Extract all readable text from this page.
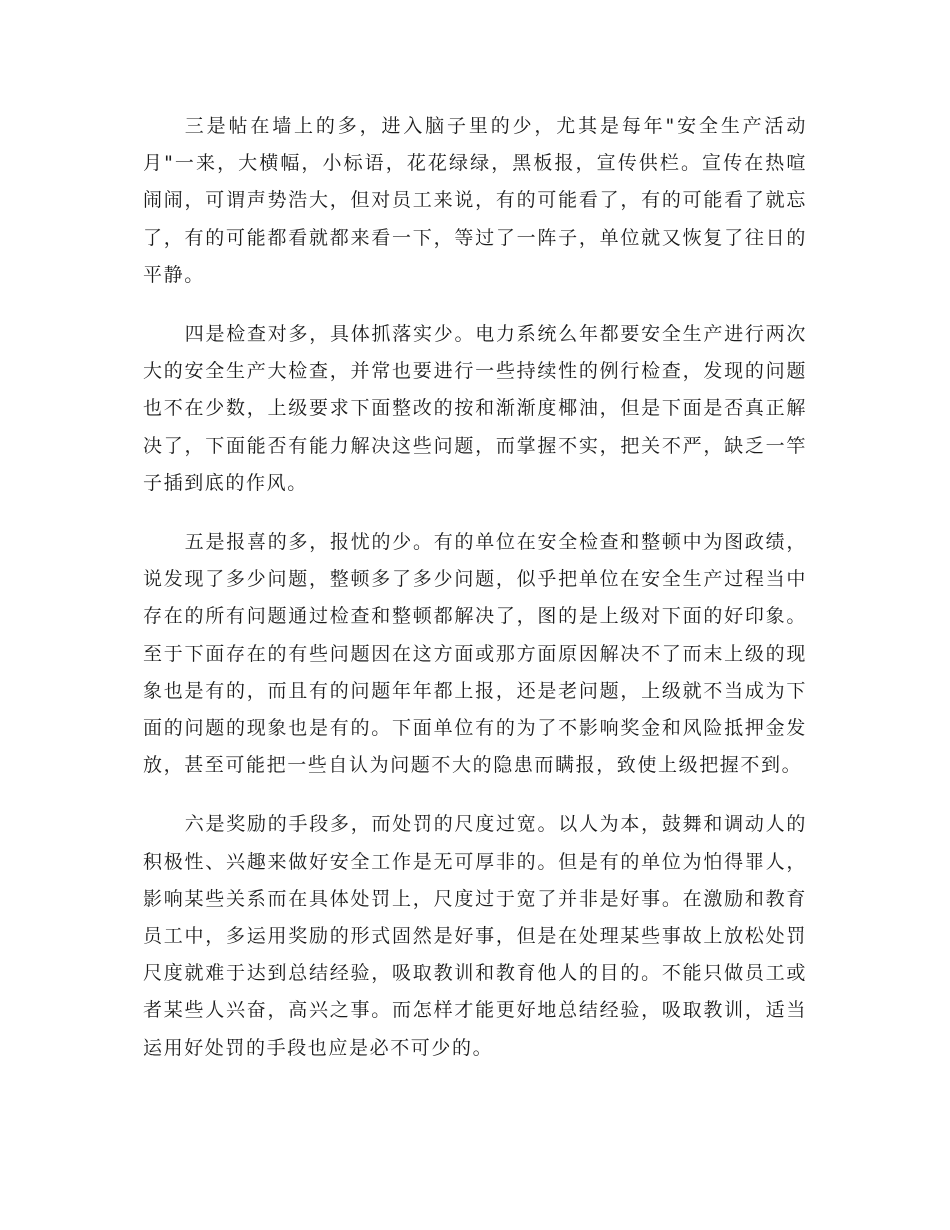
三是帖在墙上的多，进入脑子里的少，尤其是每年"安全生产活动月"一来，大横幅，小标语，花花绿绿，黑板报，宣传供栏。宣传在热喧闹闹，可谓声势浩大，但对员工来说，有的可能看了，有的可能看了就忘了，有的可能都看就都来看一下，等过了一阵子，单位就又恢复了往日的平静。

四是检查对多，具体抓落实少。电力系统么年都要安全生产进行两次大的安全生产大检查，并常也要进行一些持续性的例行检查，发现的问题也不在少数，上级要求下面整改的按和渐渐度椰油，但是下面是否真正解决了，下面能否有能力解决这些问题，而掌握不实，把关不严，缺乏一竿子插到底的作风。

五是报喜的多，报忧的少。有的单位在安全检查和整顿中为图政绩，说发现了多少问题，整顿多了多少问题，似乎把单位在安全生产过程当中存在的所有问题通过检查和整顿都解决了，图的是上级对下面的好印象。至于下面存在的有些问题因在这方面或那方面原因解决不了而末上级的现象也是有的，而且有的问题年年都上报，还是老问题，上级就不当成为下面的问题的现象也是有的。下面单位有的为了不影响奖金和风险抵押金发放，甚至可能把一些自认为问题不大的隐患而瞒报，致使上级把握不到。

六是奖励的手段多，而处罚的尺度过宽。以人为本，鼓舞和调动人的积极性、兴趣来做好安全工作是无可厚非的。但是有的单位为怕得罪人，影响某些关系而在具体处罚上，尺度过于宽了并非是好事。在激励和教育员工中，多运用奖励的形式固然是好事，但是在处理某些事故上放松处罚尺度就难于达到总结经验，吸取教训和教育他人的目的。不能只做员工或者某些人兴奋，高兴之事。而怎样才能更好地总结经验，吸取教训，适当运用好处罚的手段也应是必不可少的。
